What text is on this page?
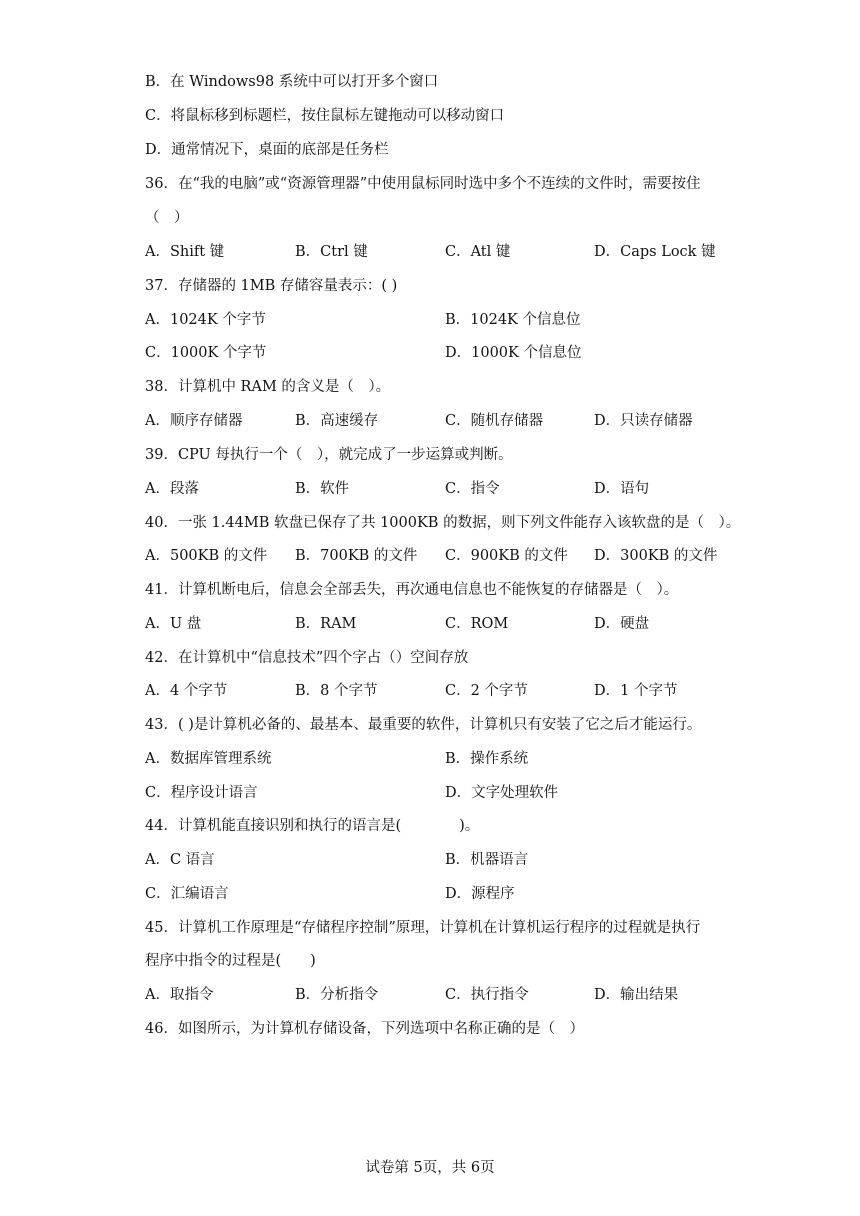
B．在 Windows98 系统中可以打开多个窗口
C．将鼠标移到标题栏，按住鼠标左键拖动可以移动窗口
D．通常情况下，桌面的底部是任务栏
36．在“我的电脑”或“资源管理器”中使用鼠标同时选中多个不连续的文件时，需要按住
（　）
A．Shift 键	B．Ctrl 键	C．Atl 键	D．Caps Lock 键
37．存储器的 1MB 存储容量表示：( )
A．1024K 个字节	B．1024K 个信息位
C．1000K 个字节	D．1000K 个信息位
38．计算机中 RAM 的含义是（　）。
A．顺序存储器	B．高速缓存	C．随机存储器	D．只读存储器
39．CPU 每执行一个（　），就完成了一步运算或判断。
A．段落	B．软件	C．指令	D．语句
40．一张 1.44MB 软盘已保存了共 1000KB 的数据，则下列文件能存入该软盘的是（　）。
A．500KB 的文件 B．700KB 的文件 C．900KB 的文件 D．300KB 的文件
41．计算机断电后，信息会全部丢失，再次通电信息也不能恢复的存储器是（　）。
A．U 盘	B．RAM	C．ROM	D．硬盘
42．在计算机中“信息技术”四个字占（）空间存放
A．4 个字节	B．8 个字节	C．2 个字节	D．1 个字节
43．( )是计算机必备的、最基本、最重要的软件，计算机只有安装了它之后才能运行。
A．数据库管理系统	B．操作系统
C．程序设计语言	D．文字处理软件
44．计算机能直接识别和执行的语言是(　　　　)。
A．C 语言	B．机器语言
C．汇编语言	D．源程序
45．计算机工作原理是“存储程序控制”原理，计算机在计算机运行程序的过程就是执行
程序中指令的过程是(　　)
A．取指令	B．分析指令	C．执行指令	D．输出结果
46．如图所示，为计算机存储设备，下列选项中名称正确的是（　）
试卷第 5页，共 6页
